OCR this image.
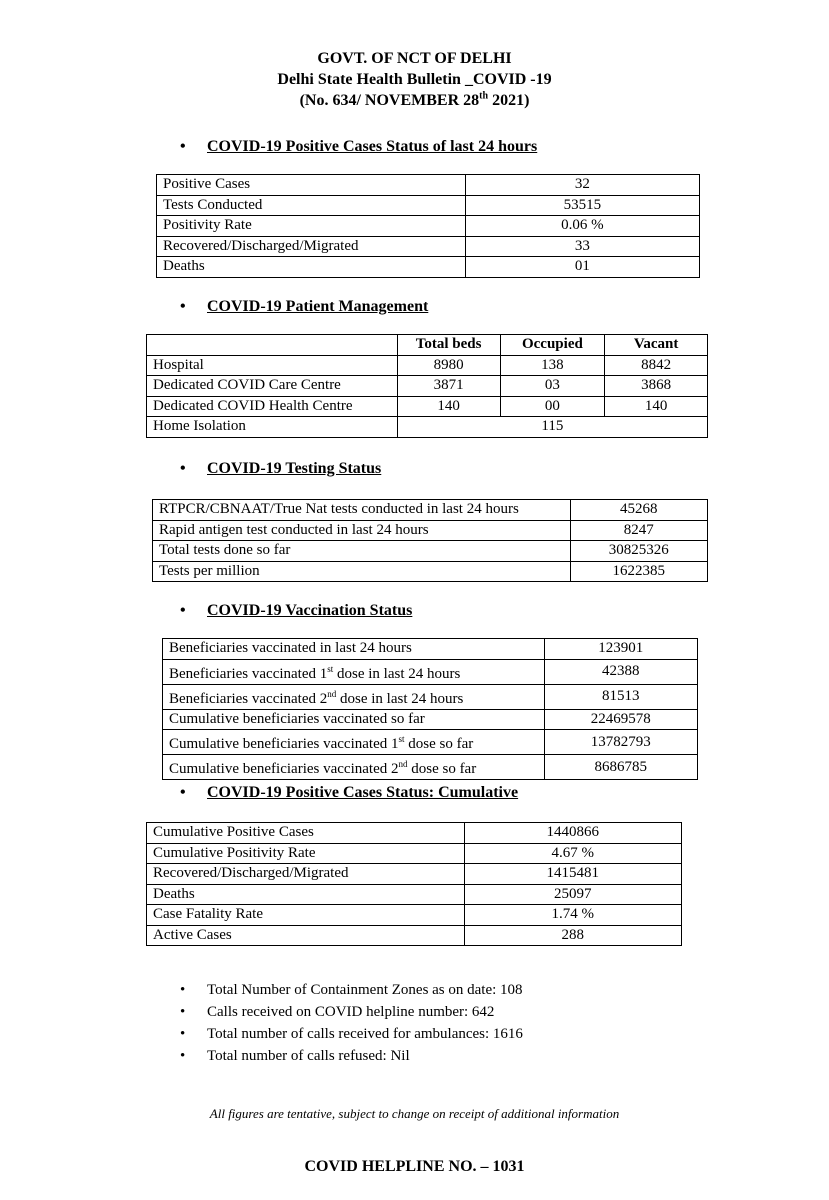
GOVT. OF NCT OF DELHI
Delhi State Health Bulletin _COVID -19
(No. 634/ NOVEMBER 28th 2021)
• COVID-19 Positive Cases Status of last 24 hours
Positive Cases	32
Tests Conducted	53515
Positivity Rate	0.06 %
Recovered/Discharged/Migrated	33
Deaths	01
• COVID-19 Patient Management
	Total beds	Occupied	Vacant
Hospital	8980	138	8842
Dedicated COVID Care Centre	3871	03	3868
Dedicated COVID Health Centre	140	00	140
Home Isolation	115		
• COVID-19 Testing Status
RTPCR/CBNAAT/True Nat tests conducted in last 24 hours	45268
Rapid antigen test conducted in last 24 hours	8247
Total tests done so far	30825326
Tests per million	1622385
• COVID-19 Vaccination Status
Beneficiaries vaccinated in last 24 hours	123901
Beneficiaries vaccinated 1st dose in last 24 hours	42388
Beneficiaries vaccinated 2nd dose in last 24 hours	81513
Cumulative beneficiaries vaccinated so far	22469578
Cumulative beneficiaries vaccinated 1st dose so far	13782793
Cumulative beneficiaries vaccinated 2nd dose so far	8686785
• COVID-19 Positive Cases Status: Cumulative
Cumulative Positive Cases	1440866
Cumulative Positivity Rate	4.67 %
Recovered/Discharged/Migrated	1415481
Deaths	25097
Case Fatality Rate	1.74 %
Active Cases	288
• Total Number of Containment Zones as on date: 108
• Calls received on COVID helpline number: 642
• Total number of calls received for ambulances: 1616
• Total number of calls refused: Nil
All figures are tentative, subject to change on receipt of additional information
COVID HELPLINE NO. – 1031
